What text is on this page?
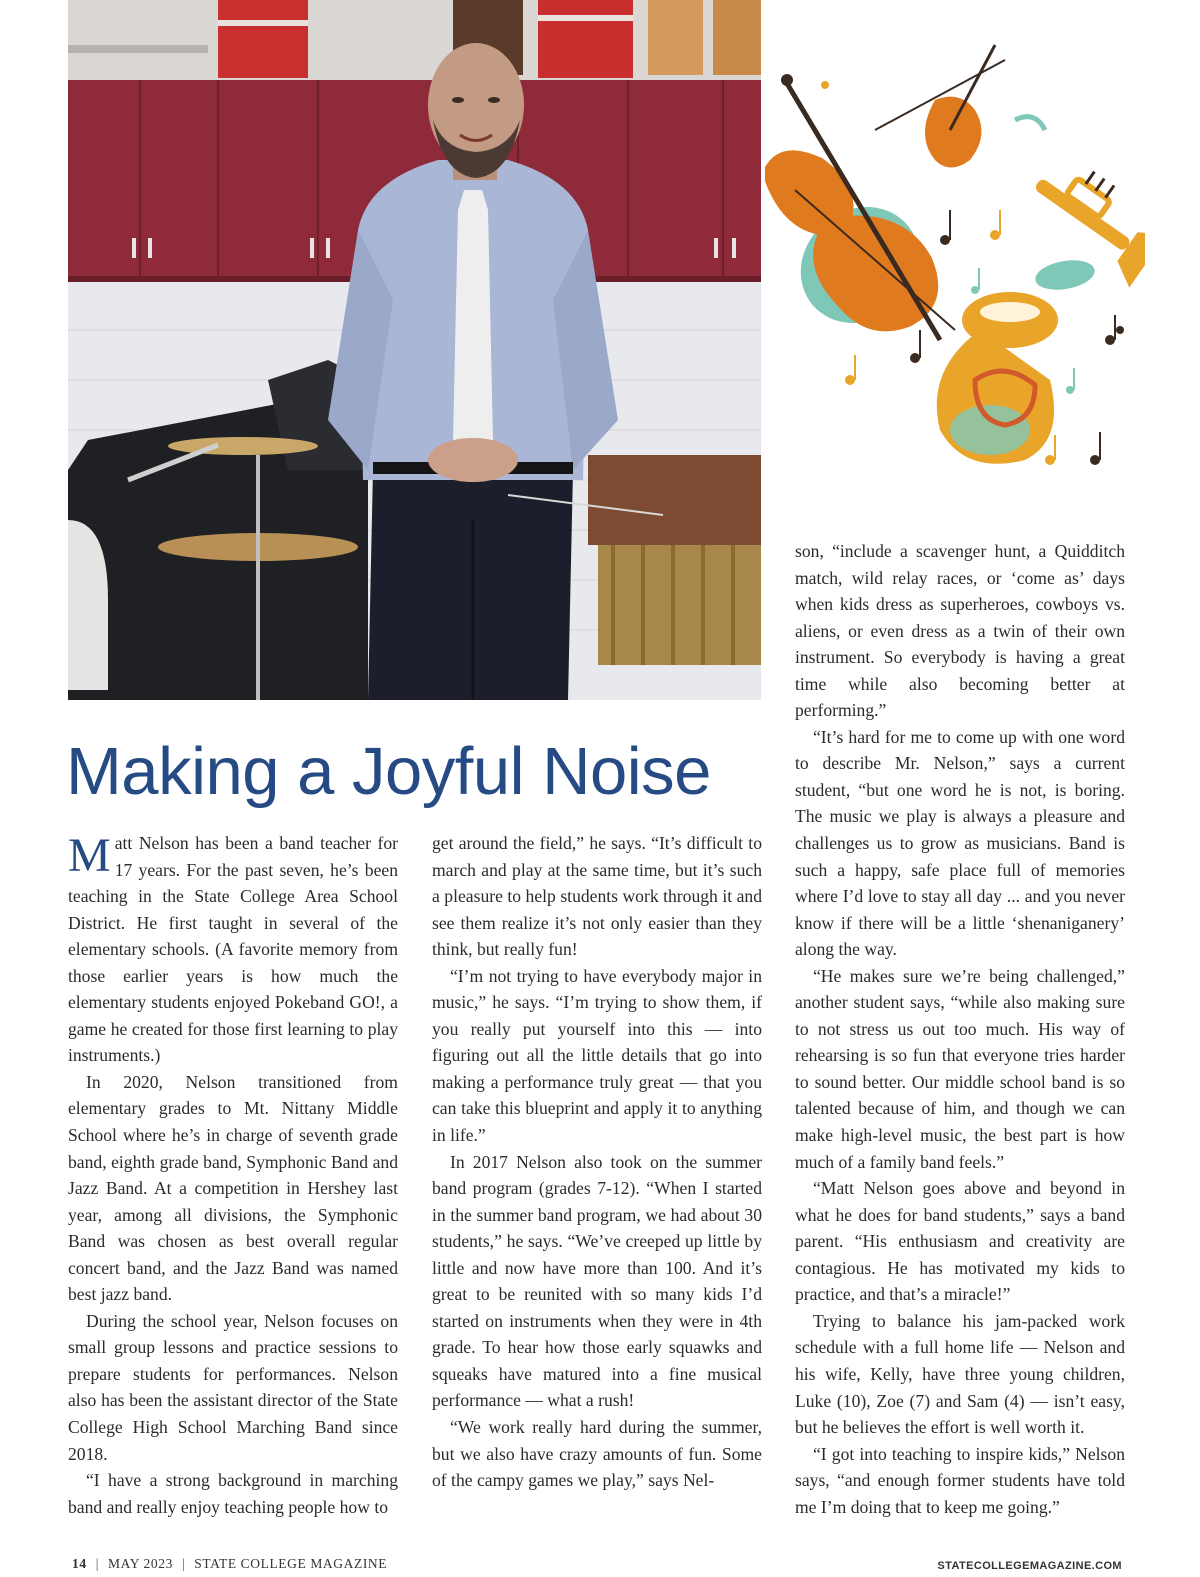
Making a Joyful Noise

Matt Nelson has been a band teacher for 17 years. For the past seven, he’s been teaching in the State College Area School District. He first taught in several of the elementary schools. (A favorite memory from those earlier years is how much the elementary students enjoyed Pokeband GO!, a game he created for those first learning to play instruments.)

In 2020, Nelson transitioned from elementary grades to Mt. Nittany Middle School where he’s in charge of seventh grade band, eighth grade band, Symphonic Band and Jazz Band. At a competition in Hershey last year, among all divisions, the Symphonic Band was chosen as best overall regular concert band, and the Jazz Band was named best jazz band.

During the school year, Nelson focuses on small group lessons and practice sessions to prepare students for performances. Nelson also has been the assistant director of the State College High School Marching Band since 2018.

“I have a strong background in marching band and really enjoy teaching people how to

get around the field,” he says. “It’s difficult to march and play at the same time, but it’s such a pleasure to help students work through it and see them realize it’s not only easier than they think, but really fun!

“I’m not trying to have everybody major in music,” he says. “I’m trying to show them, if you really put yourself into this — into figuring out all the little details that go into making a performance truly great — that you can take this blueprint and apply it to anything in life.”

In 2017 Nelson also took on the summer band program (grades 7-12). “When I started in the summer band program, we had about 30 students,” he says. “We’ve creeped up little by little and now have more than 100. And it’s great to be reunited with so many kids I’d started on instruments when they were in 4th grade. To hear how those early squawks and squeaks have matured into a fine musical performance — what a rush!

“We work really hard during the summer, but we also have crazy amounts of fun. Some of the campy games we play,” says Nel-

son, “include a scavenger hunt, a Quidditch match, wild relay races, or ‘come as’ days when kids dress as superheroes, cowboys vs. aliens, or even dress as a twin of their own instrument. So everybody is having a great time while also becoming better at performing.”

“It’s hard for me to come up with one word to describe Mr. Nelson,” says a current student, “but one word he is not, is boring. The music we play is always a pleasure and challenges us to grow as musicians. Band is such a happy, safe place full of memories where I’d love to stay all day ... and you never know if there will be a little ‘shenaniganery’ along the way.

“He makes sure we’re being challenged,” another student says, “while also making sure to not stress us out too much. His way of rehearsing is so fun that everyone tries harder to sound better. Our middle school band is so talented because of him, and though we can make high-level music, the best part is how much of a family band feels.”

“Matt Nelson goes above and beyond in what he does for band students,” says a band parent. “His enthusiasm and creativity are contagious. He has motivated my kids to practice, and that’s a miracle!”

Trying to balance his jam-packed work schedule with a full home life — Nelson and his wife, Kelly, have three young children, Luke (10), Zoe (7) and Sam (4) — isn’t easy, but he believes the effort is well worth it.

“I got into teaching to inspire kids,” Nelson says, “and enough former students have told me I’m doing that to keep me going.”

14 | MAY 2023 | STATE COLLEGE MAGAZINE	STATECOLLEGEMAGAZINE.COM
